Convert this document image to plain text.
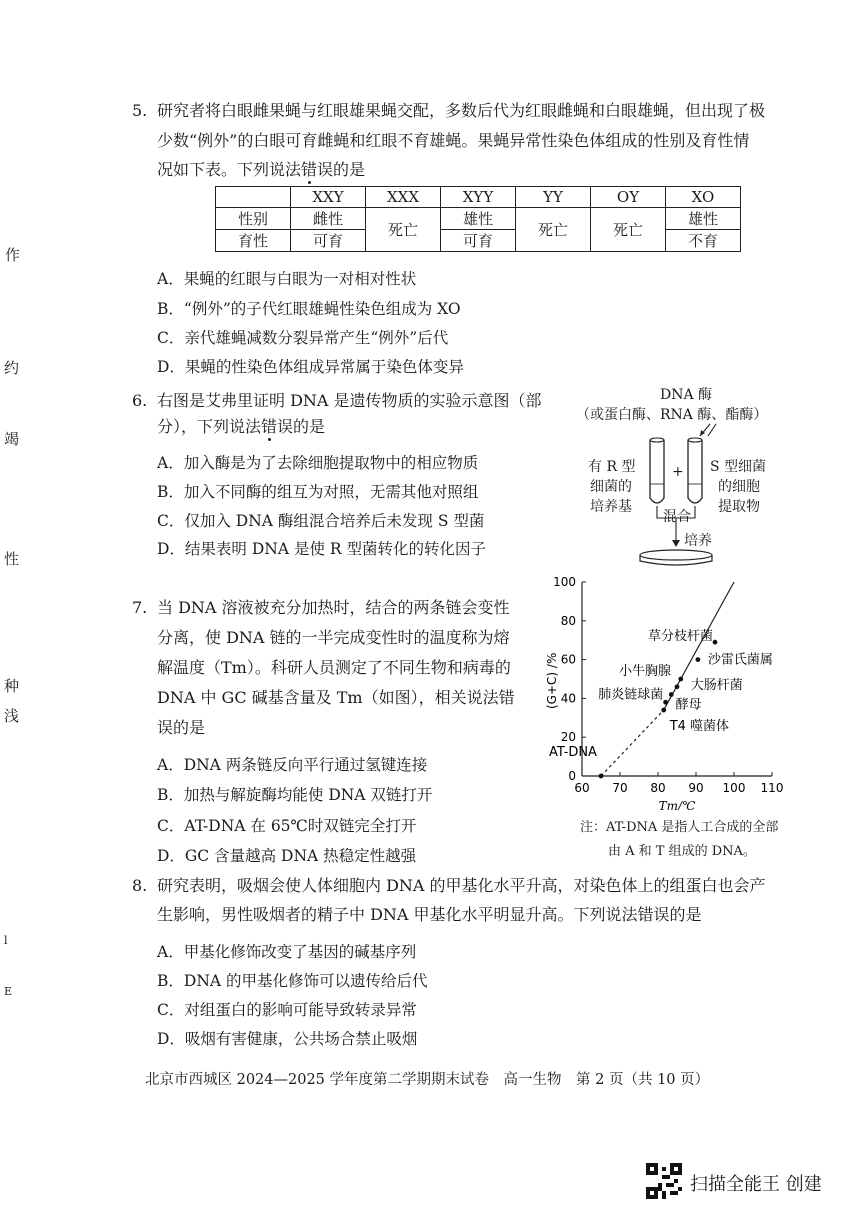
作
约
竭
性
种
浅
l
E
5. 研究者将白眼雌果蝇与红眼雄果蝇交配，多数后代为红眼雌蝇和白眼雄蝇，但出现了极
少数“例外”的白眼可育雌蝇和红眼不育雄蝇。果蝇异常性染色体组成的性别及育性情
况如下表。下列说法错误的是
	XXY	XXX	XYY	YY	OY	XO
性别	雌性	死亡	雄性	死亡	死亡	雄性
育性	可育		可育			不育
A．果蝇的红眼与白眼为一对相对性状
B．“例外”的子代红眼雄蝇性染色组成为 XO
C．亲代雄蝇减数分裂异常产生“例外”后代
D．果蝇的性染色体组成异常属于染色体变异
6. 右图是艾弗里证明 DNA 是遗传物质的实验示意图（部
分），下列说法错误的是
A．加入酶是为了去除细胞提取物中的相应物质
B．加入不同酶的组互为对照，无需其他对照组
C．仅加入 DNA 酶组混合培养后未发现 S 型菌
D．结果表明 DNA 是使 R 型菌转化的转化因子
DNA 酶
（或蛋白酶、RNA 酶、酯酶）
有 R 型
细菌的
培养基
+ S 型细菌
的细胞
提取物
混合
培养
7. 当 DNA 溶液被充分加热时，结合的两条链会变性
分离，使 DNA 链的一半完成变性时的温度称为熔
解温度（Tm）。科研人员测定了不同生物和病毒的
DNA 中 GC 碱基含量及 Tm（如图），相关说法错
误的是
A．DNA 两条链反向平行通过氢键连接
B．加热与解旋酶均能使 DNA 双链打开
C．AT-DNA 在 65℃时双链完全打开
D．GC 含量越高 DNA 热稳定性越强
0
20
40
60
80
100
60 70 80 90 100 110
(G+C) /%
Tm/℃
AT-DNA
T4 噬菌体
酵母
肺炎链球菌
大肠杆菌
小牛胸腺
沙雷氏菌属
草分枝杆菌
注：AT-DNA 是指人工合成的全部
由 A 和 T 组成的 DNA。
8. 研究表明，吸烟会使人体细胞内 DNA 的甲基化水平升高，对染色体上的组蛋白也会产
生影响，男性吸烟者的精子中 DNA 甲基化水平明显升高。下列说法错误的是
A．甲基化修饰改变了基因的碱基序列
B．DNA 的甲基化修饰可以遗传给后代
C．对组蛋白的影响可能导致转录异常
D．吸烟有害健康，公共场合禁止吸烟
北京市西城区 2024—2025 学年度第二学期期末试卷　高一生物　第 2 页（共 10 页）
扫描全能王 创建
